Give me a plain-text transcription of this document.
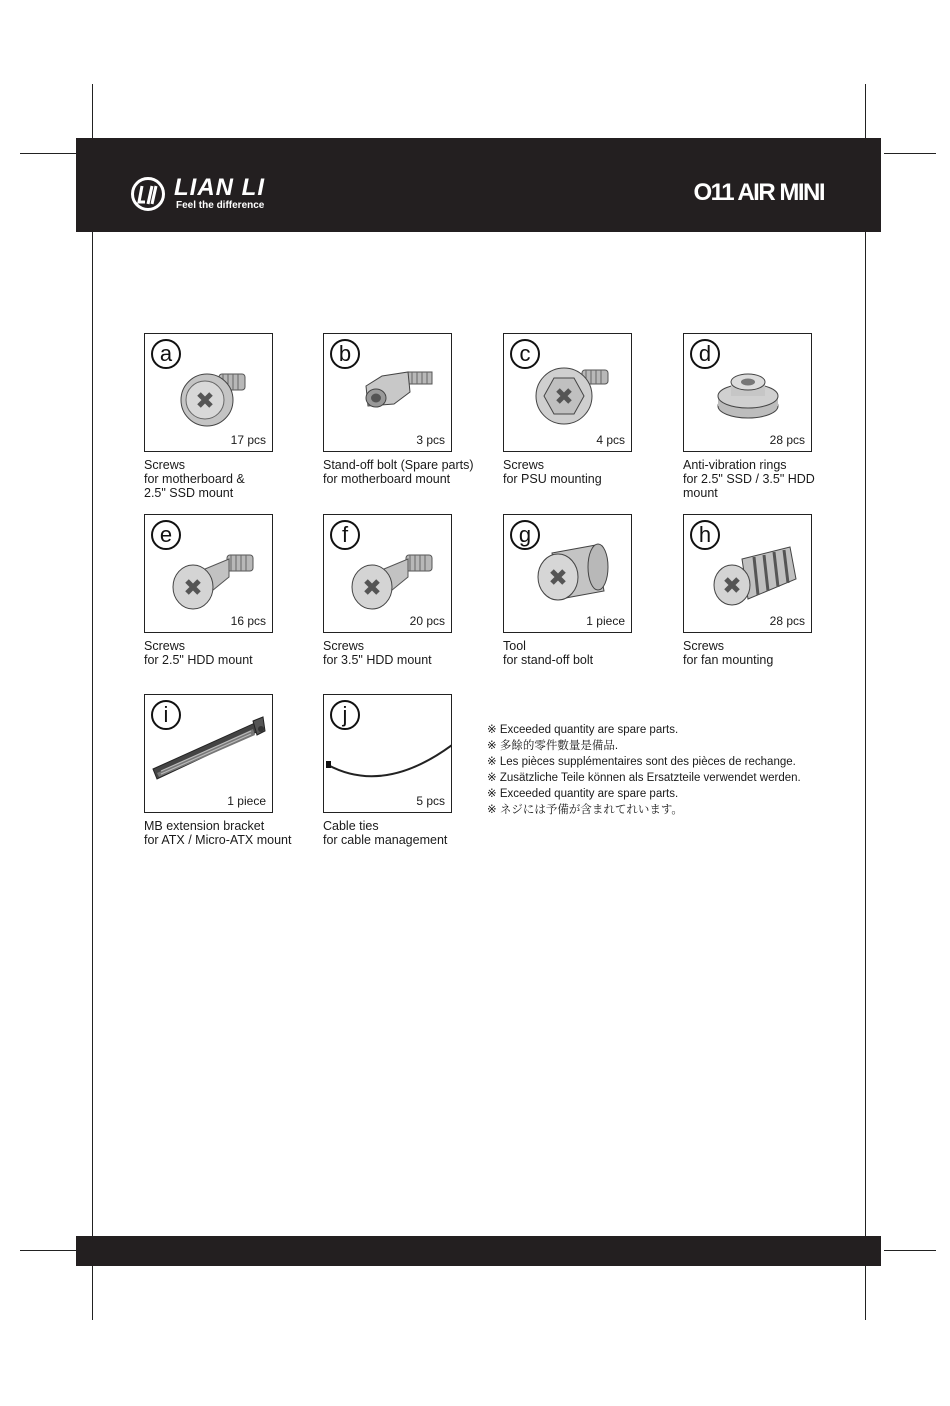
LIAN LI
Feel the difference	O11 AIR MINI
a
17 pcs
Screws
for motherboard &
2.5" SSD mount
b
3 pcs
Stand-off bolt (Spare parts)
for motherboard mount
c
4 pcs
Screws
for PSU mounting
d
28 pcs
Anti-vibration rings
for 2.5" SSD / 3.5" HDD
mount
e
16 pcs
Screws
for 2.5" HDD mount
f
20 pcs
Screws
for 3.5" HDD mount
g
1 piece
Tool
for stand-off bolt
h
28 pcs
Screws
for fan mounting
i
1 piece
MB extension bracket
for ATX / Micro-ATX mount
j
5 pcs
Cable ties
for cable management
※ Exceeded quantity are spare parts.
※ 多餘的零件數量是備品.
※ Les pièces supplémentaires sont des pièces de rechange.
※ Zusätzliche Teile können als Ersatzteile verwendet werden.
※ Exceeded quantity are spare parts.
※ ネジには予備が含まれてれいます。
